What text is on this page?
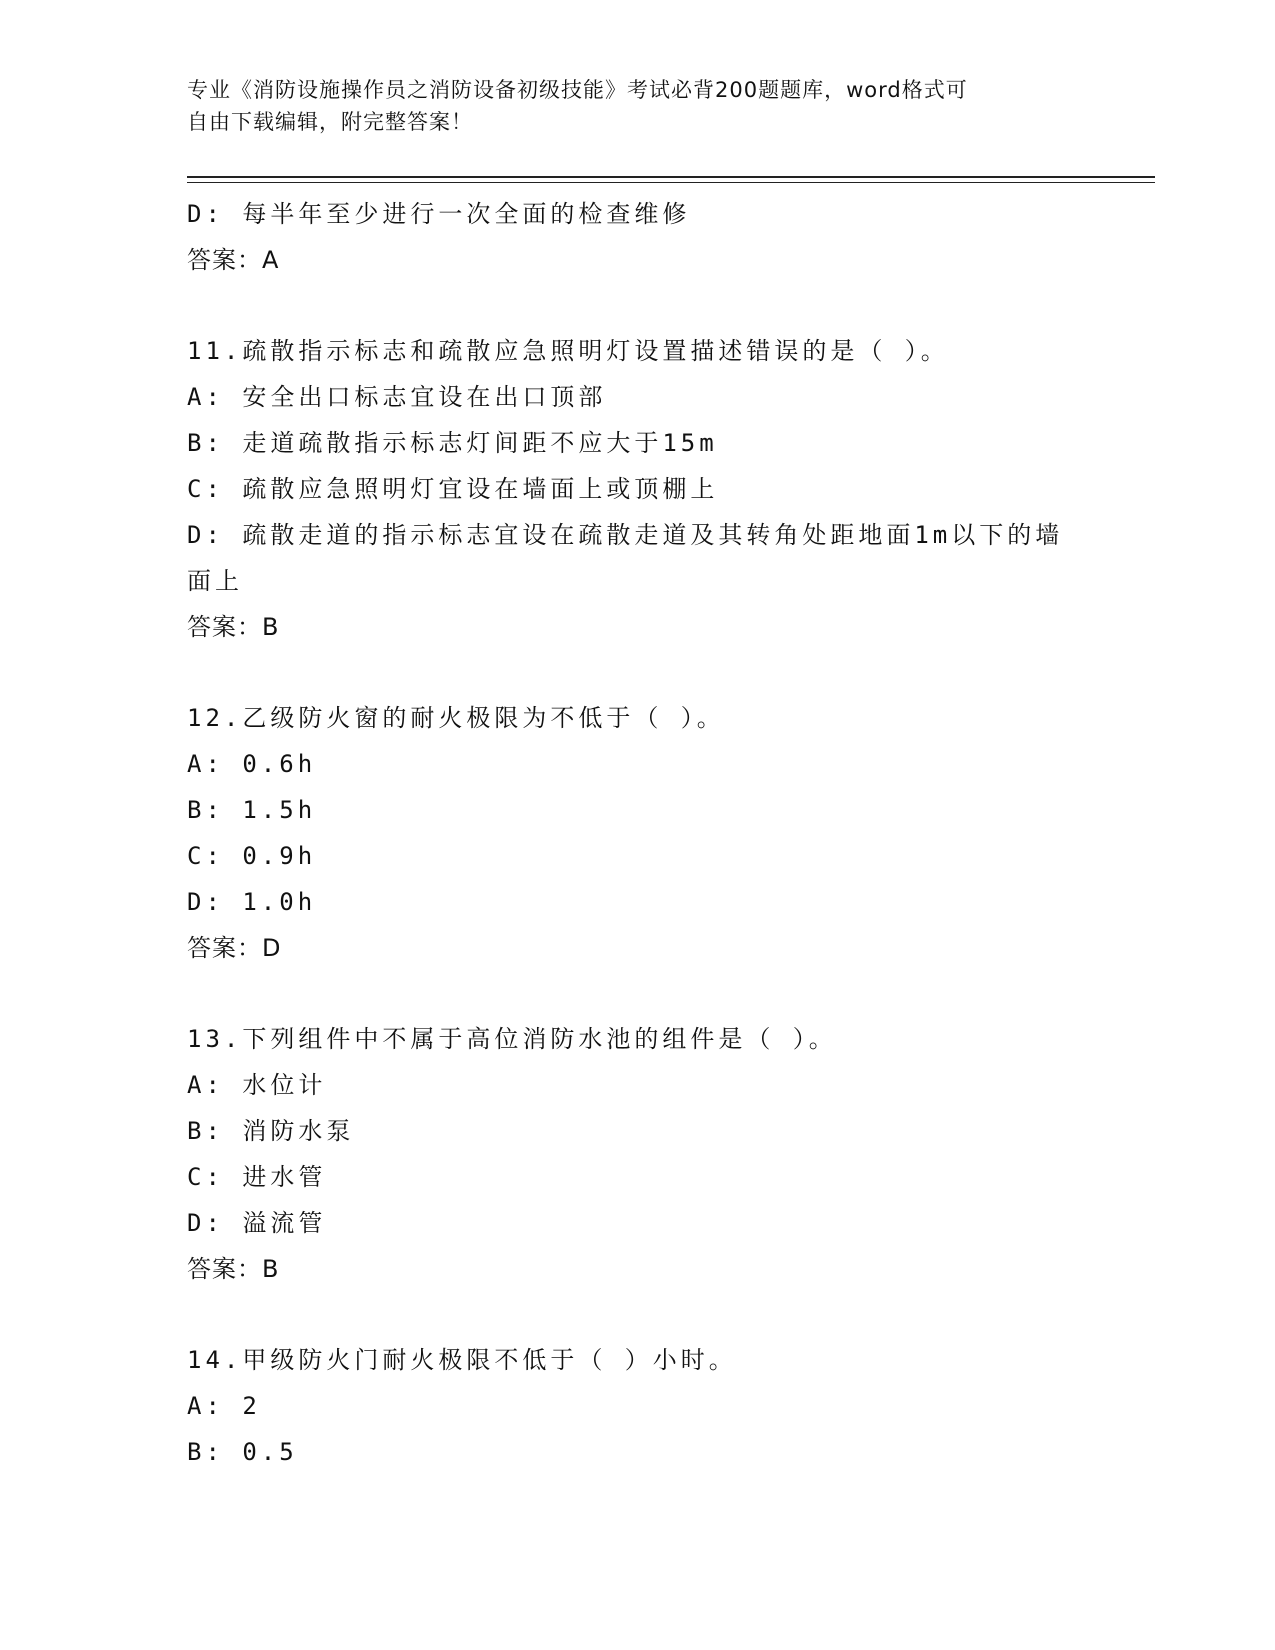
专业《消防设施操作员之消防设备初级技能》考试必背200题题库，word格式可
自由下载编辑，附完整答案！
D: 每半年至少进行一次全面的检查维修
答案：A
11.疏散指示标志和疏散应急照明灯设置描述错误的是（ ）。
A: 安全出口标志宜设在出口顶部
B: 走道疏散指示标志灯间距不应大于15m
C: 疏散应急照明灯宜设在墙面上或顶棚上
D: 疏散走道的指示标志宜设在疏散走道及其转角处距地面1m以下的墙面上
答案：B
12.乙级防火窗的耐火极限为不低于（ ）。
A: 0.6h
B: 1.5h
C: 0.9h
D: 1.0h
答案：D
13.下列组件中不属于高位消防水池的组件是（ ）。
A: 水位计
B: 消防水泵
C: 进水管
D: 溢流管
答案：B
14.甲级防火门耐火极限不低于（ ）小时。
A: 2
B: 0.5
